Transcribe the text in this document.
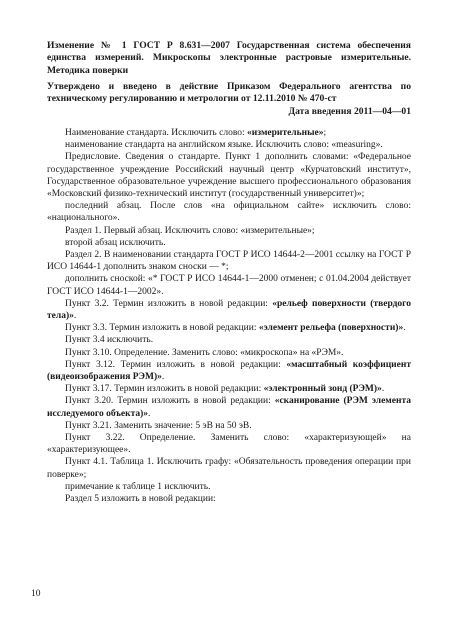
Изменение № 1 ГОСТ Р 8.631—2007 Государственная система обеспечения единства измерений. Микроскопы электронные растровые измерительные. Методика поверки
Утверждено и введено в действие Приказом Федерального агентства по техническому регулированию и метрологии от 12.11.2010 № 470-ст
Дата введения 2011—04—01

Наименование стандарта. Исключить слово: «измерительные»;

наименование стандарта на английском языке. Исключить слово: «measuring».

Предисловие. Сведения о стандарте. Пункт 1 дополнить словами: «Федеральное государственное учреждение Российский научный центр «Курчатовский институт», Государственное образовательное учреждение высшего профессионального образования «Московский физико-технический институт (государственный университет)»;

последний абзац. После слов «на официальном сайте» исключить слово: «национального».

Раздел 1. Первый абзац. Исключить слово: «измерительные»;

второй абзац исключить.

Раздел 2. В наименовании стандарта ГОСТ Р ИСО 14644-2—2001 ссылку на ГОСТ Р ИСО 14644-1 дополнить знаком сноски — *;

дополнить сноской: «* ГОСТ Р ИСО 14644-1—2000 отменен; с 01.04.2004 действует ГОСТ ИСО 14644-1—2002».

Пункт 3.2. Термин изложить в новой редакции: «рельеф поверхности (твердого тела)».

Пункт 3.3. Термин изложить в новой редакции: «элемент рельефа (поверхности)».

Пункт 3.4 исключить.

Пункт 3.10. Определение. Заменить слово: «микроскопа» на «РЭМ».

Пункт 3.12. Термин изложить в новой редакции: «масштабный коэффициент (видеоизображения РЭМ)».

Пункт 3.17. Термин изложить в новой редакции: «электронный зонд (РЭМ)».

Пункт 3.20. Термин изложить в новой редакции: «сканирование (РЭМ элемента исследуемого объекта)».

Пункт 3.21. Заменить значение: 5 эВ на 50 эВ.

Пункт 3.22. Определение. Заменить слово: «характеризующей» на «характеризующее».

Пункт 4.1. Таблица 1. Исключить графу: «Обязательность проведения операции при поверке»;

примечание к таблице 1 исключить.

Раздел 5 изложить в новой редакции:

10
